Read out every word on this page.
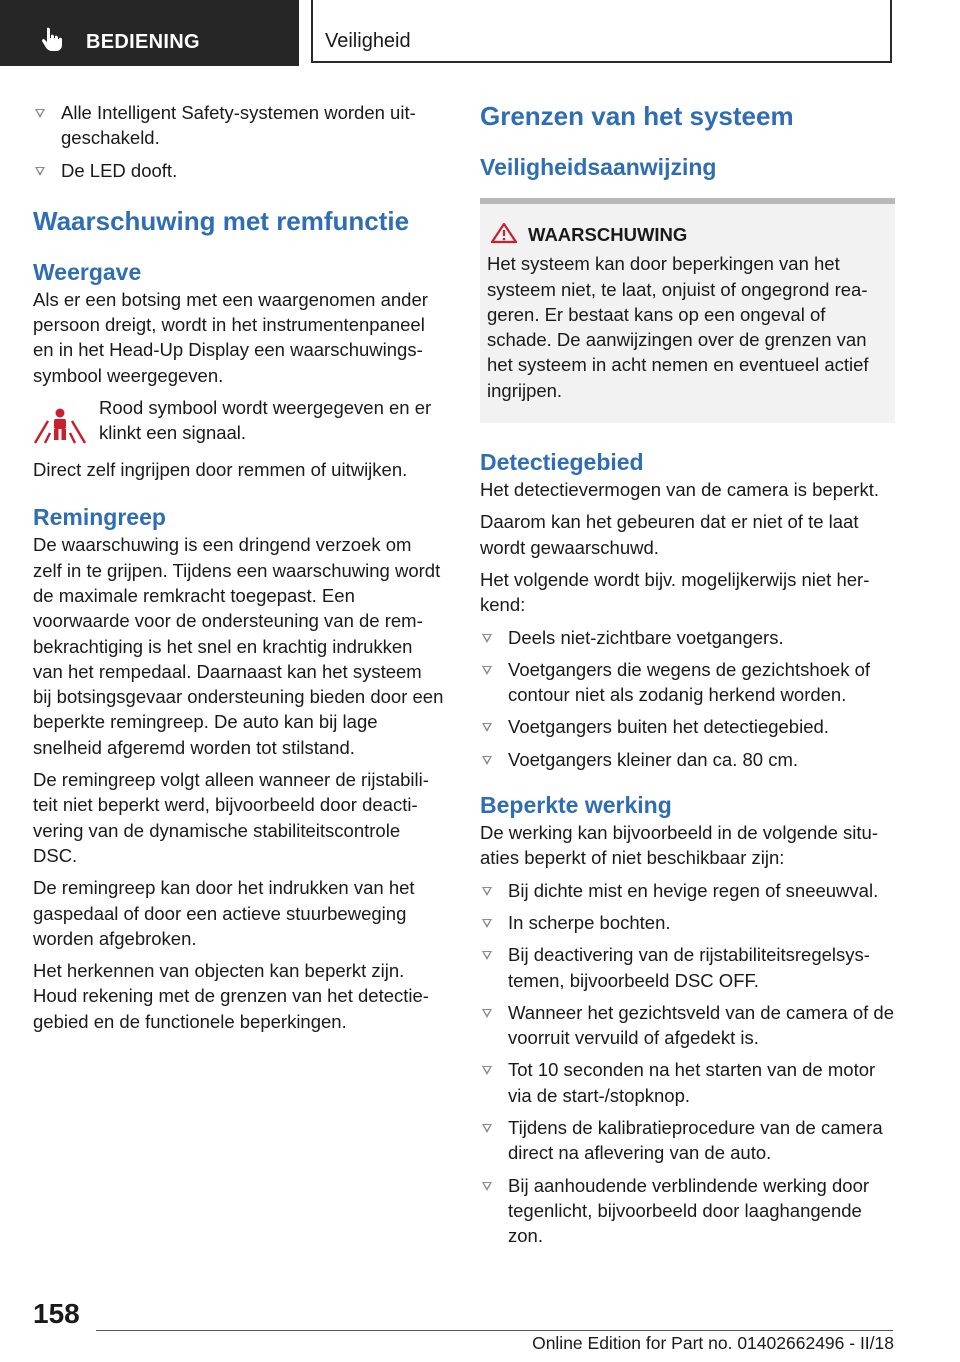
BEDIENING	Veiligheid
Alle Intelligent Safety-systemen worden uit-geschakeld.
De LED dooft.
Waarschuwing met remfunctie
Weergave

Als er een botsing met een waargenomen ander persoon dreigt, wordt in het instrumentenpaneel en in het Head-Up Display een waarschuwings-symbool weergegeven.

Rood symbool wordt weergegeven en er klinkt een signaal.

Direct zelf ingrijpen door remmen of uitwijken.

Remingreep

De waarschuwing is een dringend verzoek om zelf in te grijpen. Tijdens een waarschuwing wordt de maximale remkracht toegepast. Een voorwaarde voor de ondersteuning van de rem-bekrachtiging is het snel en krachtig indrukken van het rempedaal. Daarnaast kan het systeem bij botsingsgevaar ondersteuning bieden door een beperkte remingreep. De auto kan bij lage snelheid afgeremd worden tot stilstand.

De remingreep volgt alleen wanneer de rijstabili-teit niet beperkt werd, bijvoorbeeld door deacti-vering van de dynamische stabiliteitscontrole DSC.

De remingreep kan door het indrukken van het gaspedaal of door een actieve stuurbeweging worden afgebroken.

Het herkennen van objecten kan beperkt zijn. Houd rekening met de grenzen van het detectie-gebied en de functionele beperkingen.

Grenzen van het systeem
Veiligheidsaanwijzing
WAARSCHUWING
Het systeem kan door beperkingen van het systeem niet, te laat, onjuist of ongegrond rea-geren. Er bestaat kans op een ongeval of schade. De aanwijzingen over de grenzen van het systeem in acht nemen en eventueel actief ingrijpen.
Detectiegebied

Het detectievermogen van de camera is beperkt.

Daarom kan het gebeuren dat er niet of te laat wordt gewaarschuwd.

Het volgende wordt bijv. mogelijkerwijs niet her-kend:

Deels niet-zichtbare voetgangers.
Voetgangers die wegens de gezichtshoek of contour niet als zodanig herkend worden.
Voetgangers buiten het detectiegebied.
Voetgangers kleiner dan ca. 80 cm.
Beperkte werking

De werking kan bijvoorbeeld in de volgende situ-aties beperkt of niet beschikbaar zijn:

Bij dichte mist en hevige regen of sneeuwval.
In scherpe bochten.
Bij deactivering van de rijstabiliteitsregelsys-temen, bijvoorbeeld DSC OFF.
Wanneer het gezichtsveld van de camera of de voorruit vervuild of afgedekt is.
Tot 10 seconden na het starten van de motor via de start-/stopknop.
Tijdens de kalibratieprocedure van de camera direct na aflevering van de auto.
Bij aanhoudende verblindende werking door tegenlicht, bijvoorbeeld door laaghangende zon.
158
Online Edition for Part no. 01402662496 - II/18
